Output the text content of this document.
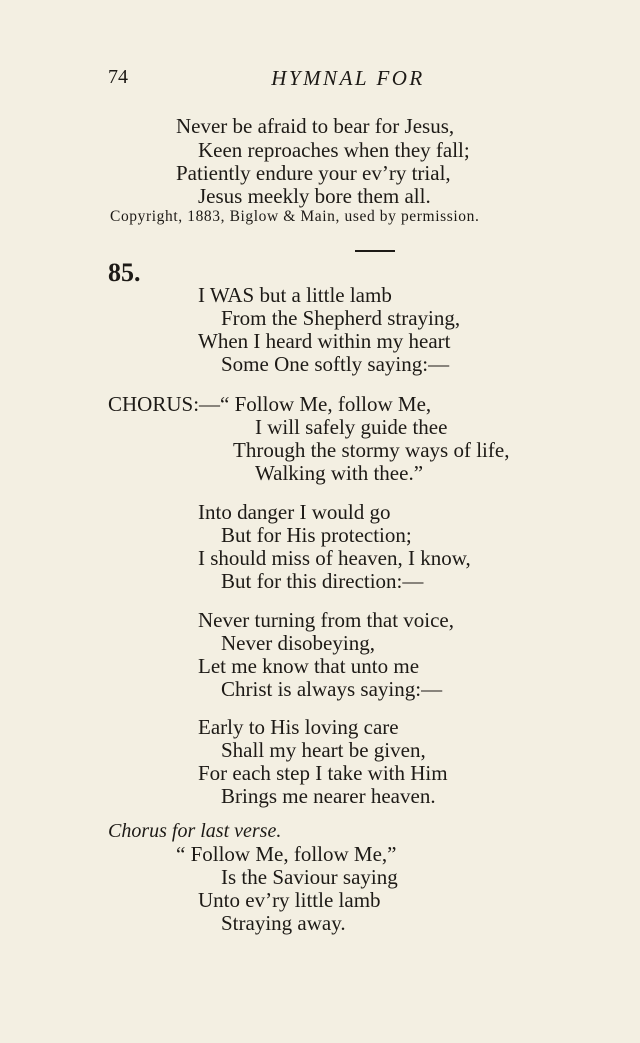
74	HYMNAL FOR
Never be afraid to bear for Jesus,
Keen reproaches when they fall;
Patiently endure your ev’ry trial,
Jesus meekly bore them all.
Copyright, 1883, Biglow & Main, used by permission.
85.
I WAS but a little lamb
From the Shepherd straying,
When I heard within my heart
Some One softly saying:—
CHORUS:—“ Follow Me, follow Me,
I will safely guide thee
Through the stormy ways of life,
Walking with thee.”
Into danger I would go
But for His protection;
I should miss of heaven, I know,
But for this direction:—
Never turning from that voice,
Never disobeying,
Let me know that unto me
Christ is always saying:—
Early to His loving care
Shall my heart be given,
For each step I take with Him
Brings me nearer heaven.
Chorus for last verse.
“ Follow Me, follow Me,”
Is the Saviour saying
Unto ev’ry little lamb
Straying away.
